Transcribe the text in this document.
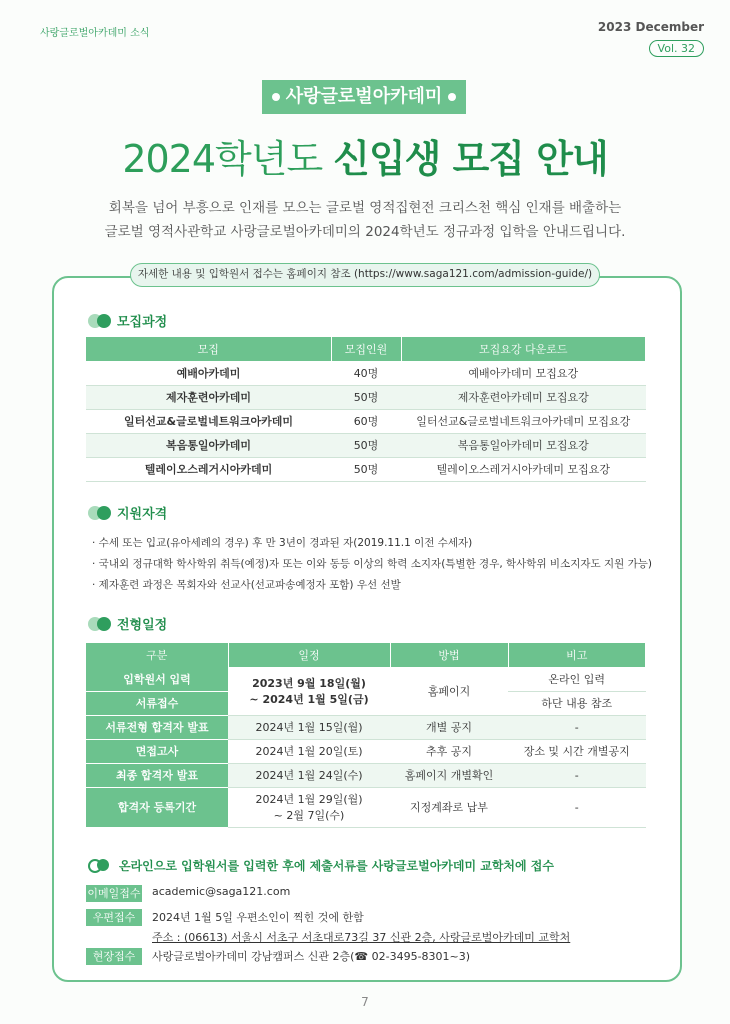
사랑글로벌아카데미 소식	2023 December
Vol. 32
사랑글로벌아카데미
2024학년도 신입생 모집 안내
회복을 넘어 부흥으로 인재를 모으는 글로벌 영적집현전 크리스천 핵심 인재를 배출하는
글로벌 영적사관학교 사랑글로벌아카데미의 2024학년도 정규과정 입학을 안내드립니다.
자세한 내용 및 입학원서 접수는 홈페이지 참조 (https://www.saga121.com/admission-guide/)
모집과정
모집	모집인원	모집요강 다운로드
예배아카데미	40명	예배아카데미 모집요강
제자훈련아카데미	50명	제자훈련아카데미 모집요강
일터선교&글로벌네트워크아카데미	60명	일터선교&글로벌네트워크아카데미 모집요강
복음통일아카데미	50명	복음통일아카데미 모집요강
텔레이오스레거시아카데미	50명	텔레이오스레거시아카데미 모집요강
지원자격
· 수세 또는 입교(유아세례의 경우) 후 만 3년이 경과된 자(2019.11.1 이전 수세자)
· 국내외 정규대학 학사학위 취득(예정)자 또는 이와 동등 이상의 학력 소지자(특별한 경우, 학사학위 비소지자도 지원 가능)
· 제자훈련 과정은 목회자와 선교사(선교파송예정자 포함) 우선 선발
전형일정
구분	일정	방법	비고
입학원서 입력	2023년 9월 18일(월)
~ 2024년 1월 5일(금)	홈페이지	온라인 입력
서류접수			하단 내용 참조
서류전형 합격자 발표	2024년 1월 15일(월)	개별 공지	-
면접고사	2024년 1월 20일(토)	추후 공지	장소 및 시간 개별공지
최종 합격자 발표	2024년 1월 24일(수)	홈페이지 개별확인	-
합격자 등록기간	2024년 1월 29일(월)
~ 2월 7일(수)	지정계좌로 납부	-
온라인으로 입학원서를 입력한 후에 제출서류를 사랑글로벌아카데미 교학처에 접수
이메일접수 academic@saga121.com
우편접수	2024년 1월 5일 우편소인이 찍힌 것에 한함
주소 : (06613) 서울시 서초구 서초대로73길 37 신관 2층, 사랑글로벌아카데미 교학처
현장접수	사랑글로벌아카데미 강남캠퍼스 신관 2층(☎ 02-3495-8301~3)
7
